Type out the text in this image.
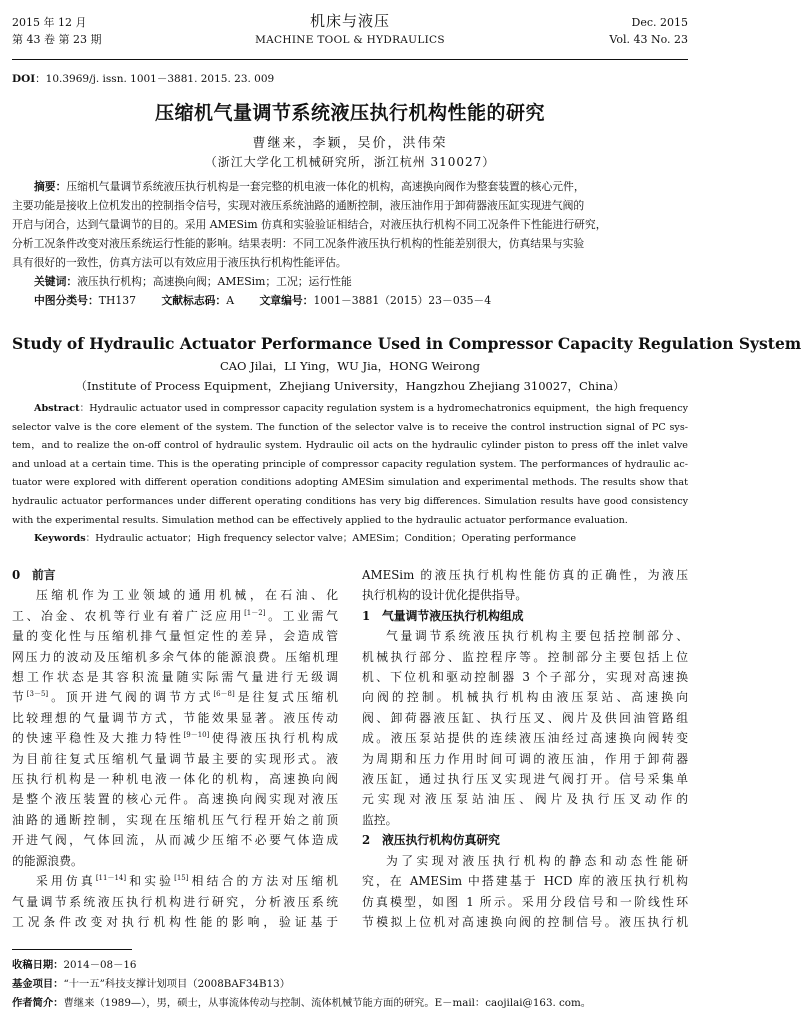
2015 年 12 月
第 43 卷 第 23 期
机床与液压
MACHINE TOOL & HYDRAULICS
Dec. 2015
Vol. 43 No. 23
DOI：10.3969/j. issn. 1001－3881. 2015. 23. 009
压缩机气量调节系统液压执行机构性能的研究
曹继来，李颖，吴价，洪伟荣
（浙江大学化工机械研究所，浙江杭州 310027）
摘要：压缩机气量调节系统液压执行机构是一套完整的机电液一体化的机构，高速换向阀作为整套装置的核心元件，
主要功能是接收上位机发出的控制指令信号，实现对液压系统油路的通断控制，液压油作用于卸荷器液压缸实现进气阀的
开启与闭合，达到气量调节的目的。采用 AMESim 仿真和实验验证相结合，对液压执行机构不同工况条件下性能进行研究，
分析工况条件改变对液压系统运行性能的影响。结果表明：不同工况条件液压执行机构的性能差别很大，仿真结果与实验
具有很好的一致性，仿真方法可以有效应用于液压执行机构性能评估。
关键词：液压执行机构；高速换向阀；AMESim；工况；运行性能
中图分类号：TH137 文献标志码：A 文章编号：1001－3881（2015）23－035－4
Study of Hydraulic Actuator Performance Used in Compressor Capacity Regulation System
CAO Jilai，LI Ying，WU Jia，HONG Weirong
（Institute of Process Equipment，Zhejiang University，Hangzhou Zhejiang 310027，China）
Abstract：Hydraulic actuator used in compressor capacity regulation system is a hydromechatronics equipment，the high frequency
selector valve is the core element of the system. The function of the selector valve is to receive the control instruction signal of PC sys-
tem，and to realize the on-off control of hydraulic system. Hydraulic oil acts on the hydraulic cylinder piston to press off the inlet valve
and unload at a certain time. This is the operating principle of compressor capacity regulation system. The performances of hydraulic ac-
tuator were explored with different operation conditions adopting AMESim simulation and experimental methods. The results show that
hydraulic actuator performances under different operating conditions has very big differences. Simulation results have good consistency
with the experimental results. Simulation method can be effectively applied to the hydraulic actuator performance evaluation.
Keywords：Hydraulic actuator；High frequency selector valve；AMESim；Condition；Operating performance
0　前言
压缩机作为工业领域的通用机械，在石油、化
工、冶金、农机等行业有着广泛应用[1－2]。工业需气
量的变化性与压缩机排气量恒定性的差异，会造成管
网压力的波动及压缩机多余气体的能源浪费。压缩机理
想工作状态是其容积流量随实际需气量进行无级调
节[3－5]。顶开进气阀的调节方式[6－8]是往复式压缩机
比较理想的气量调节方式，节能效果显著。液压传动
的快速平稳性及大推力特性[9－10]使得液压执行机构成
为目前往复式压缩机气量调节最主要的实现形式。液
压执行机构是一种机电液一体化的机构，高速换向阀
是整个液压装置的核心元件。高速换向阀实现对液压
油路的通断控制，实现在压缩机压气行程开始之前顶
开进气阀，气体回流，从而减少压缩不必要气体造成
的能源浪费。
采用仿真[11－14]和实验[15]相结合的方法对压缩机
气量调节系统液压执行机构进行研究，分析液压系统
工况条件改变对执行机构性能的影响，验证基于
AMESim 的液压执行机构性能仿真的正确性，为液压
执行机构的设计优化提供指导。
1　气量调节液压执行机构组成
气量调节系统液压执行机构主要包括控制部分、
机械执行部分、监控程序等。控制部分主要包括上位
机、下位机和驱动控制器 3 个子部分，实现对高速换
向阀的控制。机械执行机构由液压泵站、高速换向
阀、卸荷器液压缸、执行压叉、阀片及供回油管路组
成。液压泵站提供的连续液压油经过高速换向阀转变
为周期和压力作用时间可调的液压油，作用于卸荷器
液压缸，通过执行压叉实现进气阀打开。信号采集单
元实现对液压泵站油压、阀片及执行压叉动作的
监控。
2　液压执行机构仿真研究
为了实现对液压执行机构的静态和动态性能研
究，在 AMESim 中搭建基于 HCD 库的液压执行机构
仿真模型，如图 1 所示。采用分段信号和一阶线性环
节模拟上位机对高速换向阀的控制信号。液压执行机
收稿日期：2014－08－16
基金项目：“十一五”科技支撑计划项目（2008BAF34B13）
作者简介：曹继来（1989—），男，硕士，从事流体传动与控制、流体机械节能方面的研究。E－mail：caojilai@163. com。
